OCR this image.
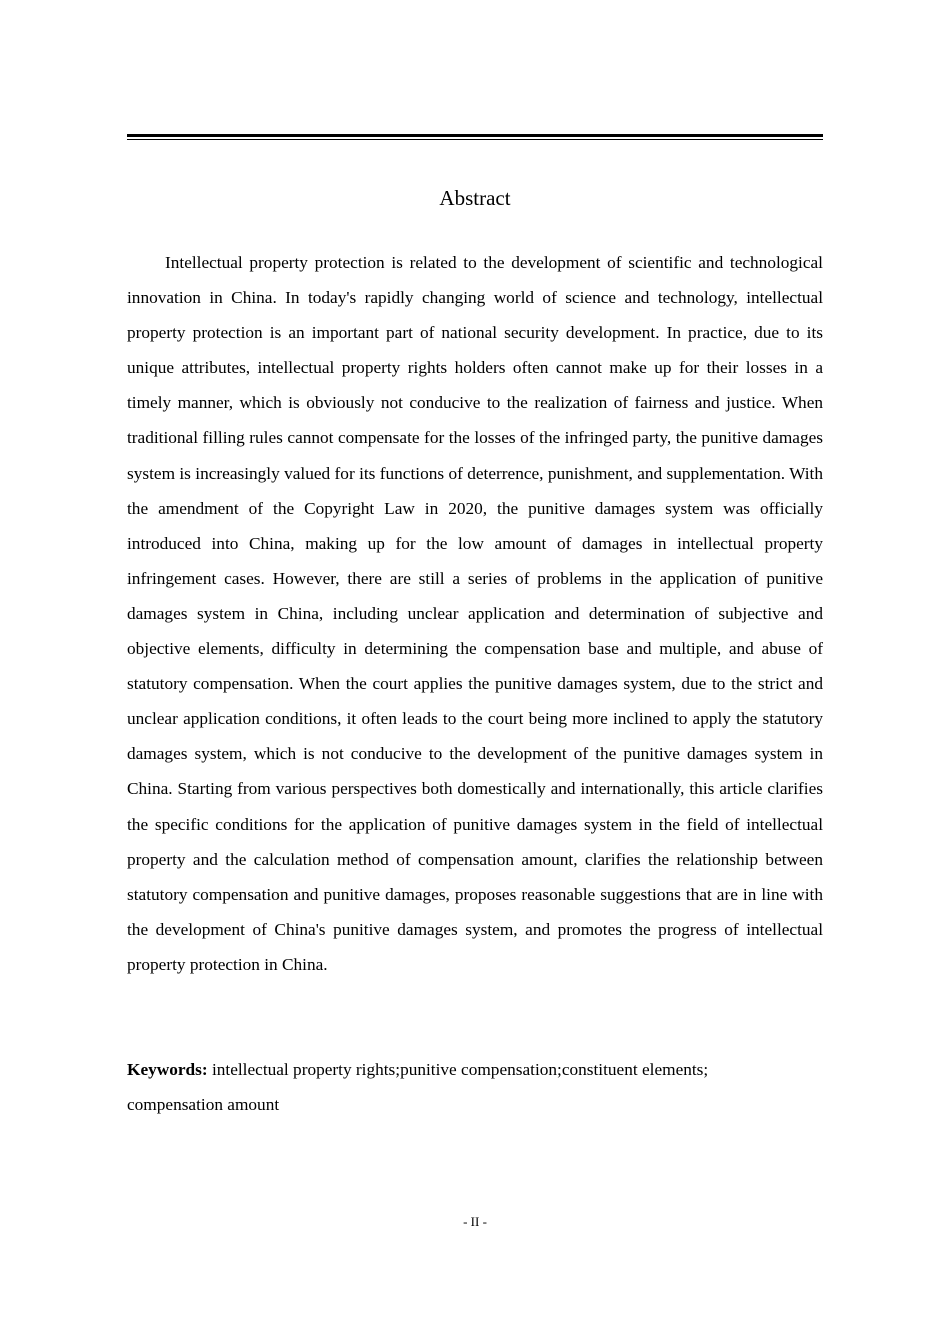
Abstract

Intellectual property protection is related to the development of scientific and technological innovation in China. In today's rapidly changing world of science and technology, intellectual property protection is an important part of national security development. In practice, due to its unique attributes, intellectual property rights holders often cannot make up for their losses in a timely manner, which is obviously not conducive to the realization of fairness and justice. When traditional filling rules cannot compensate for the losses of the infringed party, the punitive damages system is increasingly valued for its functions of deterrence, punishment, and supplementation. With the amendment of the Copyright Law in 2020, the punitive damages system was officially introduced into China, making up for the low amount of damages in intellectual property infringement cases. However, there are still a series of problems in the application of punitive damages system in China, including unclear application and determination of subjective and objective elements, difficulty in determining the compensation base and multiple, and abuse of statutory compensation. When the court applies the punitive damages system, due to the strict and unclear application conditions, it often leads to the court being more inclined to apply the statutory damages system, which is not conducive to the development of the punitive damages system in China. Starting from various perspectives both domestically and internationally, this article clarifies the specific conditions for the application of punitive damages system in the field of intellectual property and the calculation method of compensation amount, clarifies the relationship between statutory compensation and punitive damages, proposes reasonable suggestions that are in line with the development of China's punitive damages system, and promotes the progress of intellectual property protection in China.

Keywords: intellectual property rights;punitive compensation;constituent elements;
compensation amount

- II -
